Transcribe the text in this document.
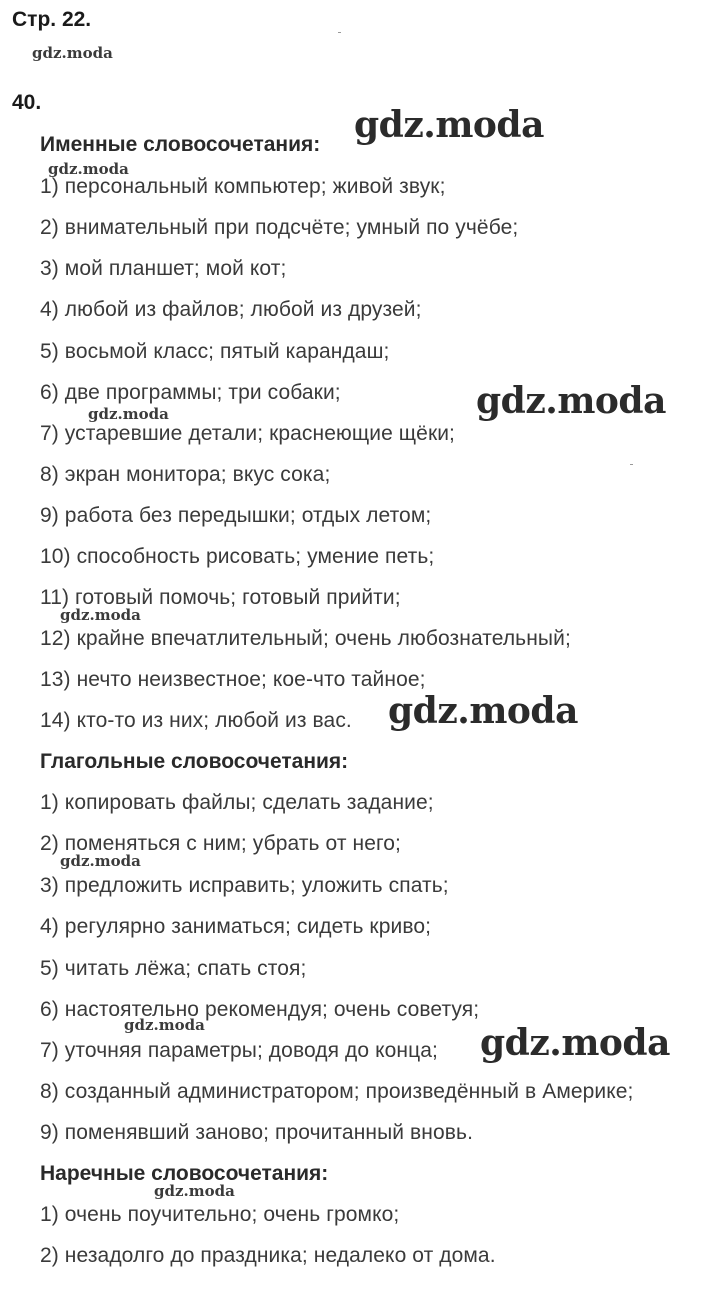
Стр. 22.
gdz.moda
40.
Именные словосочетания:
1) персональный компьютер; живой звук;
2) внимательный при подсчёте; умный по учёбе;
3) мой планшет; мой кот;
4) любой из файлов; любой из друзей;
5) восьмой класс; пятый карандаш;
6) две программы; три собаки;
7) устаревшие детали; краснеющие щёки;
8) экран монитора; вкус сока;
9) работа без передышки; отдых летом;
10) способность рисовать; умение петь;
11) готовый помочь; готовый прийти;
12) крайне впечатлительный; очень любознательный;
13) нечто неизвестное; кое-что тайное;
14) кто-то из них; любой из вас.
Глагольные словосочетания:
1) копировать файлы; сделать задание;
2) поменяться с ним; убрать от него;
3) предложить исправить; уложить спать;
4) регулярно заниматься; сидеть криво;
5) читать лёжа; спать стоя;
6) настоятельно рекомендуя; очень советуя;
7) уточняя параметры; доводя до конца;
8) созданный администратором; произведённый в Америке;
9) поменявший заново; прочитанный вновь.
Наречные словосочетания:
1) очень поучительно; очень громко;
2) незадолго до праздника; недалеко от дома.
gdz.moda
gdz.moda
gdz.moda
gdz.moda
gdz.moda
gdz.moda
gdz.moda
gdz.moda	gdz.moda
gdz.moda
